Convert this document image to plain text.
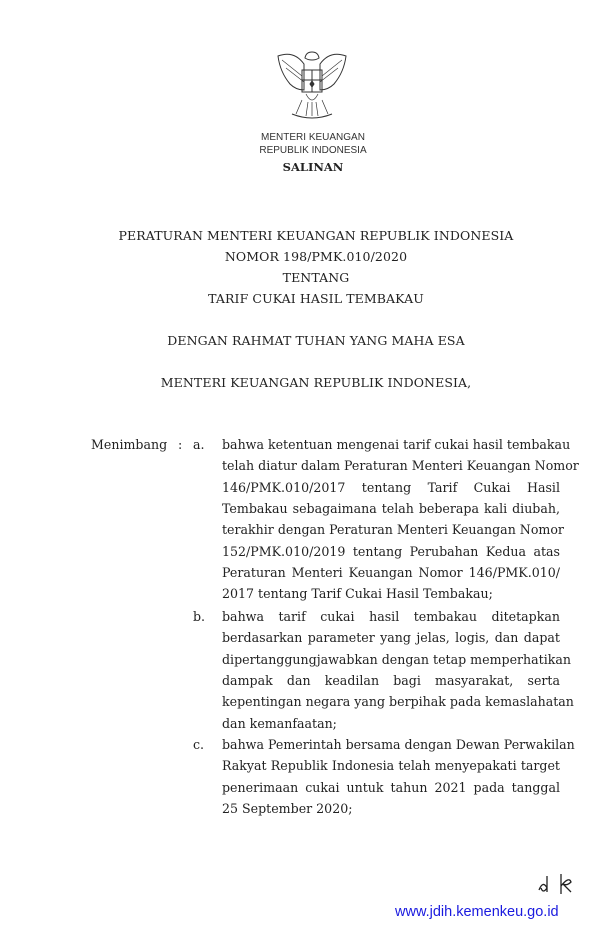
MENTERI KEUANGAN
REPUBLIK INDONESIA
SALINAN
PERATURAN MENTERI KEUANGAN REPUBLIK INDONESIA
NOMOR 198/PMK.010/2020
TENTANG
TARIF CUKAI HASIL TEMBAKAU
DENGAN RAHMAT TUHAN YANG MAHA ESA
MENTERI KEUANGAN REPUBLIK INDONESIA,
Menimbang : a. bahwa ketentuan mengenai tarif cukai hasil tembakau
telah diatur dalam Peraturan Menteri Keuangan Nomor
146/PMK.010/2017 tentang Tarif Cukai Hasil
Tembakau sebagaimana telah beberapa kali diubah,
terakhir dengan Peraturan Menteri Keuangan Nomor
152/PMK.010/2019 tentang Perubahan Kedua atas
Peraturan Menteri Keuangan Nomor 146/PMK.010/
2017 tentang Tarif Cukai Hasil Tembakau;
b. bahwa tarif cukai hasil tembakau ditetapkan
berdasarkan parameter yang jelas, logis, dan dapat
dipertanggungjawabkan dengan tetap memperhatikan
dampak dan keadilan bagi masyarakat, serta
kepentingan negara yang berpihak pada kemaslahatan
dan kemanfaatan;
c. bahwa Pemerintah bersama dengan Dewan Perwakilan
Rakyat Republik Indonesia telah menyepakati target
penerimaan cukai untuk tahun 2021 pada tanggal
25 September 2020;
www.jdih.kemenkeu.go.id
